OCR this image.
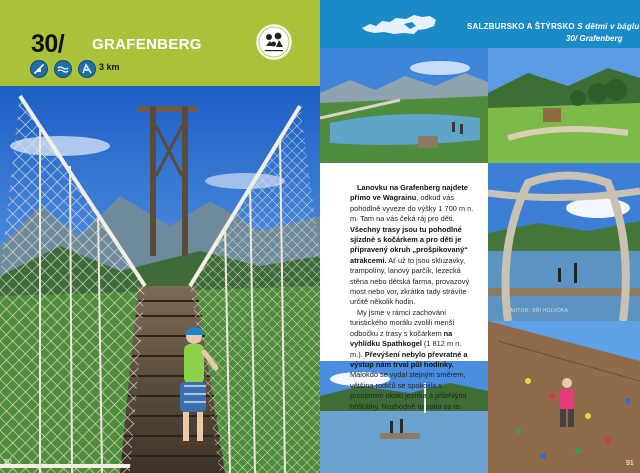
30/ GRAFENBERG
3 km
90
SALZBURSKO A ŠTÝRSKO S dětmi v báglu
30/ Grafenberg
AUTOR: JIŘÍ HOLVOKA

Lanovku na Grafenberg najdete přímo ve Wagrainu, odkud vás pohodlně vyveze do výšky 1 700 m n. m. Tam na vás čeká ráj pro děti. Všechny trasy jsou tu pohodlné sjízdné s kočárkem a pro děti je připravený okruh „prošpikovaný“ atrakcemi. Ať už to jsou skluzavky, trampolíny, lanový parčík, lezecká stěna nebo dětská farma, provazový most nebo vor, zkrátka tady strávíte určitě několik hodin.

My jsme v rámci zachování turistického morálu zvolili menší odbočku z trasy s kočárkem na vyhlídku Spathkogel (1 812 m n. m.). Převýšení nebylo převratné a výstup nám trval půl hodinky. Málokdo se vydal stejným směrem, většina rodičů se spokojila s prostorem okolo jezírka a přilehlými hřišťátky. Rozhodně to stálo za to.

91
